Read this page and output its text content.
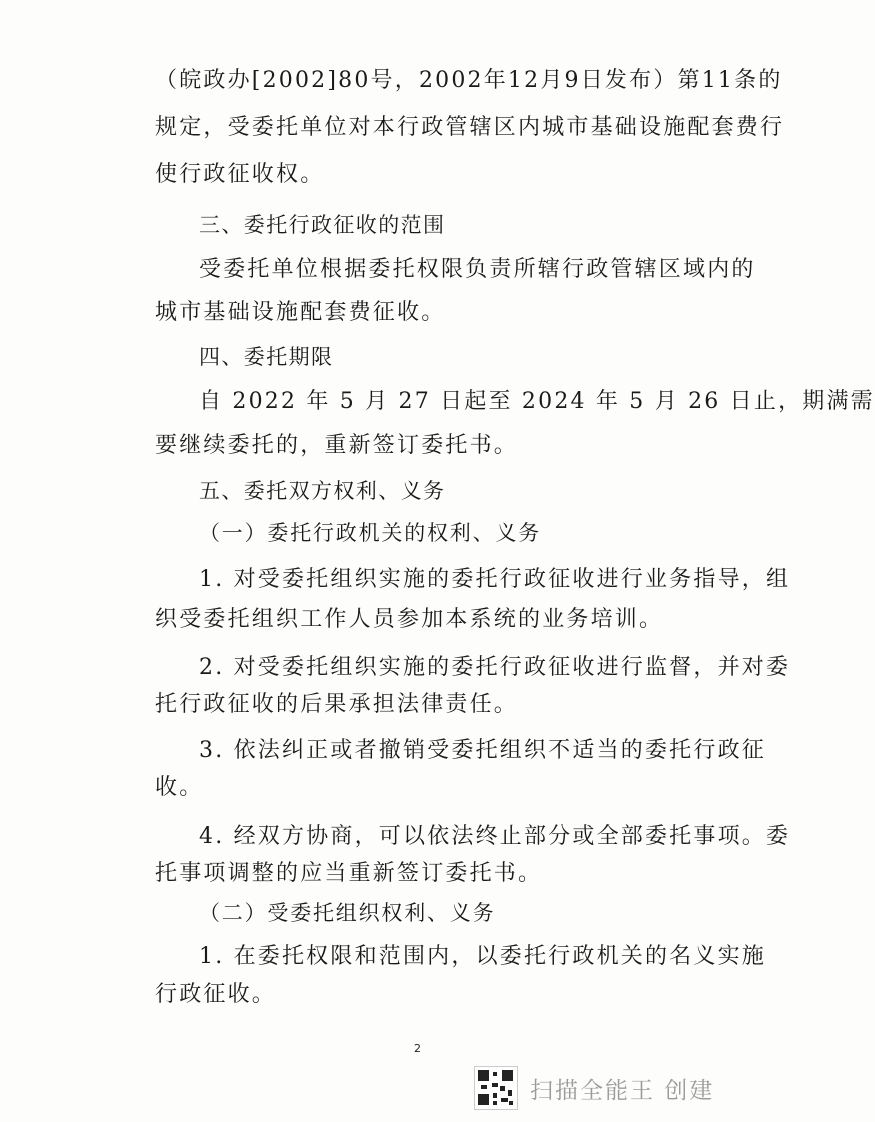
（皖政办[2002]80号，2002年12月9日发布）第11条的
规定，受委托单位对本行政管辖区内城市基础设施配套费行
使行政征收权。
三、委托行政征收的范围
受委托单位根据委托权限负责所辖行政管辖区域内的
城市基础设施配套费征收。
四、委托期限
自 2022 年 5 月 27 日起至 2024 年 5 月 26 日止，期满需
要继续委托的，重新签订委托书。
五、委托双方权利、义务
（一）委托行政机关的权利、义务
1. 对受委托组织实施的委托行政征收进行业务指导，组
织受委托组织工作人员参加本系统的业务培训。
2. 对受委托组织实施的委托行政征收进行监督，并对委
托行政征收的后果承担法律责任。
3. 依法纠正或者撤销受委托组织不适当的委托行政征
收。
4. 经双方协商，可以依法终止部分或全部委托事项。委
托事项调整的应当重新签订委托书。
（二）受委托组织权利、义务
1. 在委托权限和范围内，以委托行政机关的名义实施
行政征收。
2
扫描全能王 创建
